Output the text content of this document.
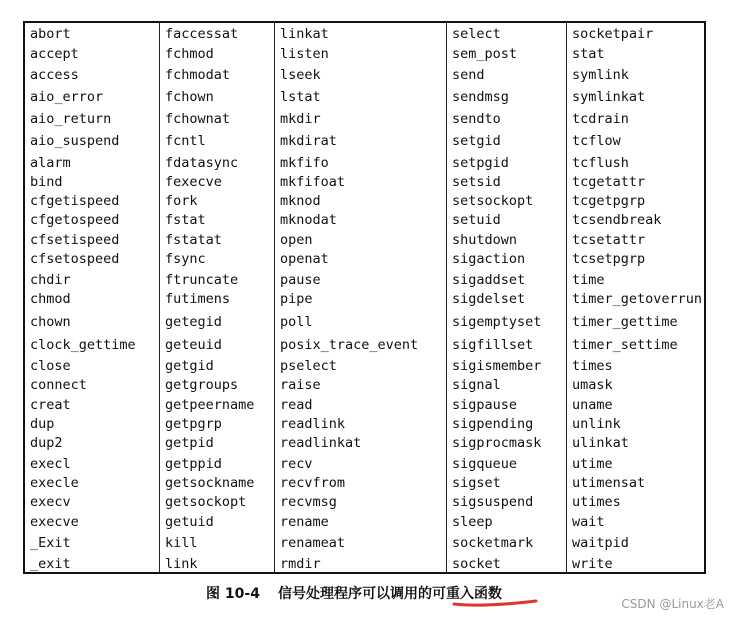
abort
accept
access
aio_error
aio_return
aio_suspend
alarm
bind
cfgetispeed
cfgetospeed
cfsetispeed
cfsetospeed
chdir
chmod
chown
clock_gettime
close
connect
creat
dup
dup2
execl
execle
execv
execve
_Exit
_exit
faccessat
fchmod
fchmodat
fchown
fchownat
fcntl
fdatasync
fexecve
fork
fstat
fstatat
fsync
ftruncate
futimens
getegid
geteuid
getgid
getgroups
getpeername
getpgrp
getpid
getppid
getsockname
getsockopt
getuid
kill
link
linkat
listen
lseek
lstat
mkdir
mkdirat
mkfifo
mkfifoat
mknod
mknodat
open
openat
pause
pipe
poll
posix_trace_event
pselect
raise
read
readlink
readlinkat
recv
recvfrom
recvmsg
rename
renameat
rmdir
select
sem_post
send
sendmsg
sendto
setgid
setpgid
setsid
setsockopt
setuid
shutdown
sigaction
sigaddset
sigdelset
sigemptyset
sigfillset
sigismember
signal
sigpause
sigpending
sigprocmask
sigqueue
sigset
sigsuspend
sleep
socketmark
socket
socketpair
stat
symlink
symlinkat
tcdrain
tcflow
tcflush
tcgetattr
tcgetpgrp
tcsendbreak
tcsetattr
tcsetpgrp
time
timer_getoverrun
timer_gettime
timer_settime
times
umask
uname
unlink
ulinkat
utime
utimensat
utimes
wait
waitpid
write
图 10-4 信号处理程序可以调用的可重入函数
CSDN @Linux老A
